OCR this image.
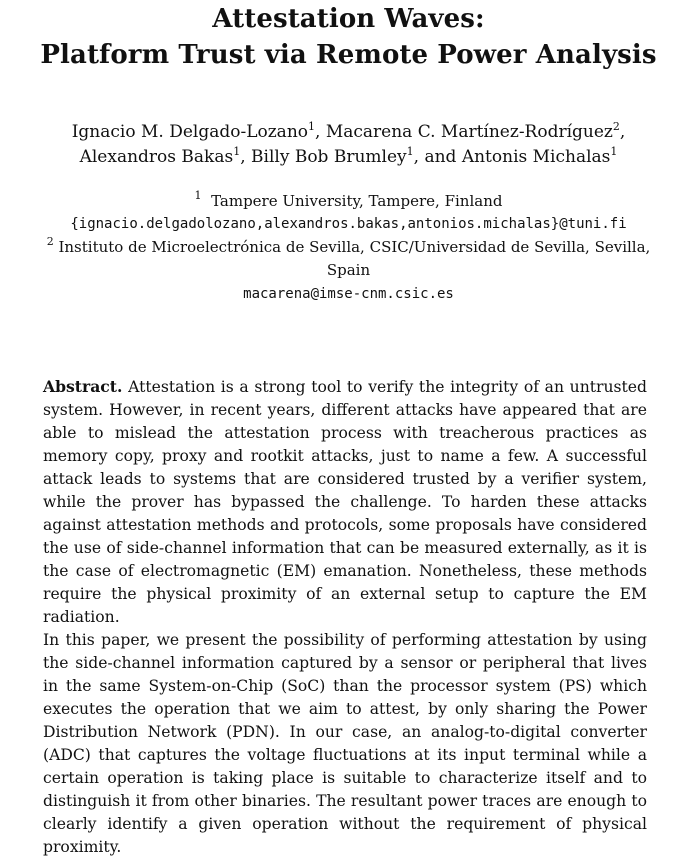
Attestation Waves:
Platform Trust via Remote Power Analysis
Ignacio M. Delgado-Lozano$^1$, Macarena C. Martínez-Rodríguez$^2$,
Alexandros Bakas$^1$, Billy Bob Brumley$^1$, and Antonis Michalas$^1$
$^1$ Tampere University, Tampere, Finland
{ignacio.delgadolozano,alexandros.bakas,antonios.michalas}@tuni.fi
$^2$ Instituto de Microelectrónica de Sevilla, CSIC/Universidad de Sevilla, Sevilla,
Spain
macarena@imse-cnm.csic.es

Abstract. Attestation is a strong tool to verify the integrity of an untrusted system. However, in recent years, different attacks have appeared that are able to mislead the attestation process with treacherous practices as memory copy, proxy and rootkit attacks, just to name a few. A successful attack leads to systems that are considered trusted by a verifier system, while the prover has bypassed the challenge. To harden these attacks against attestation methods and protocols, some proposals have considered the use of side-channel information that can be measured externally, as it is the case of electromagnetic (EM) emanation. Nonetheless, these methods require the physical proximity of an external setup to capture the EM radiation.

In this paper, we present the possibility of performing attestation by using the side-channel information captured by a sensor or peripheral that lives in the same System-on-Chip (SoC) than the processor system (PS) which executes the operation that we aim to attest, by only sharing the Power Distribution Network (PDN). In our case, an analog-to-digital converter (ADC) that captures the voltage fluctuations at its input terminal while a certain operation is taking place is suitable to characterize itself and to distinguish it from other binaries. The resultant power traces are enough to clearly identify a given operation without the requirement of physical proximity.
